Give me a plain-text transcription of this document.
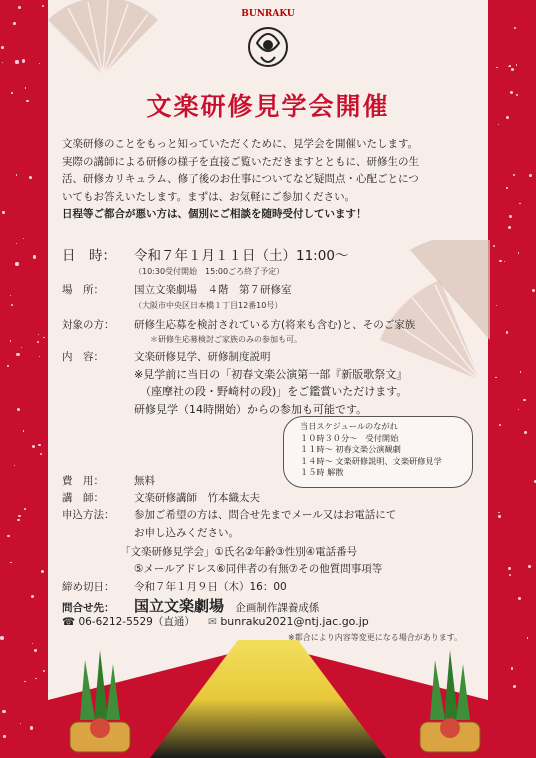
BUNRAKU
文楽研修見学会開催

文楽研修のことをもっと知っていただくために、見学会を開催いたします。

実際の講師による研修の様子を直接ご覧いただきますとともに、研修生の生

活、研修カリキュラム、修了後のお仕事についてなど疑問点・心配ごとにつ

いてもお答えいたします。まずは、お気軽にご参加ください。

日程等ご都合が悪い方は、個別にご相談を随時受付しています！

日　時： 令和７年１月１１日（土）11:00～
（10:30受付開始　15:00ごろ終了予定）
場　所：	国立文楽劇場　４階　第７研修室
（大阪市中央区日本橋１丁目12番10号）
対象の方： 研修生応募を検討されている方(将来も含む)と、そのご家族
＊研修生応募検討ご家族のみの参加も可。
内　容：	文楽研修見学、研修制度説明
※見学前に当日の「初春文楽公演第一部『新版歌祭文』
（座摩社の段・野崎村の段)」をご鑑賞いただけます。
研修見学（14時開始）からの参加も可能です。
当日スケジュールのながれ
１０時３０分～　受付開始
１１時～ 初春文楽公演観劇
１４時～ 文楽研修説明、文楽研修見学
１５時 解散
費　用：	無料
講　師：	文楽研修講師　竹本織太夫
申込方法： 参加ご希望の方は、問合せ先までメール又はお電話にて
お申し込みください。
「文楽研修見学会」①氏名②年齢③性別④電話番号
⑤メールアドレス⑥同伴者の有無⑦その他質問事項等
締め切日： 令和７年１月９日（木）16：00
問合せ先： 国立文楽劇場 企画制作課養成係
☎ 06-6212-5529（直通） ✉ bunraku2021@ntj.jac.go.jp
※都合により内容等変更になる場合があります。
